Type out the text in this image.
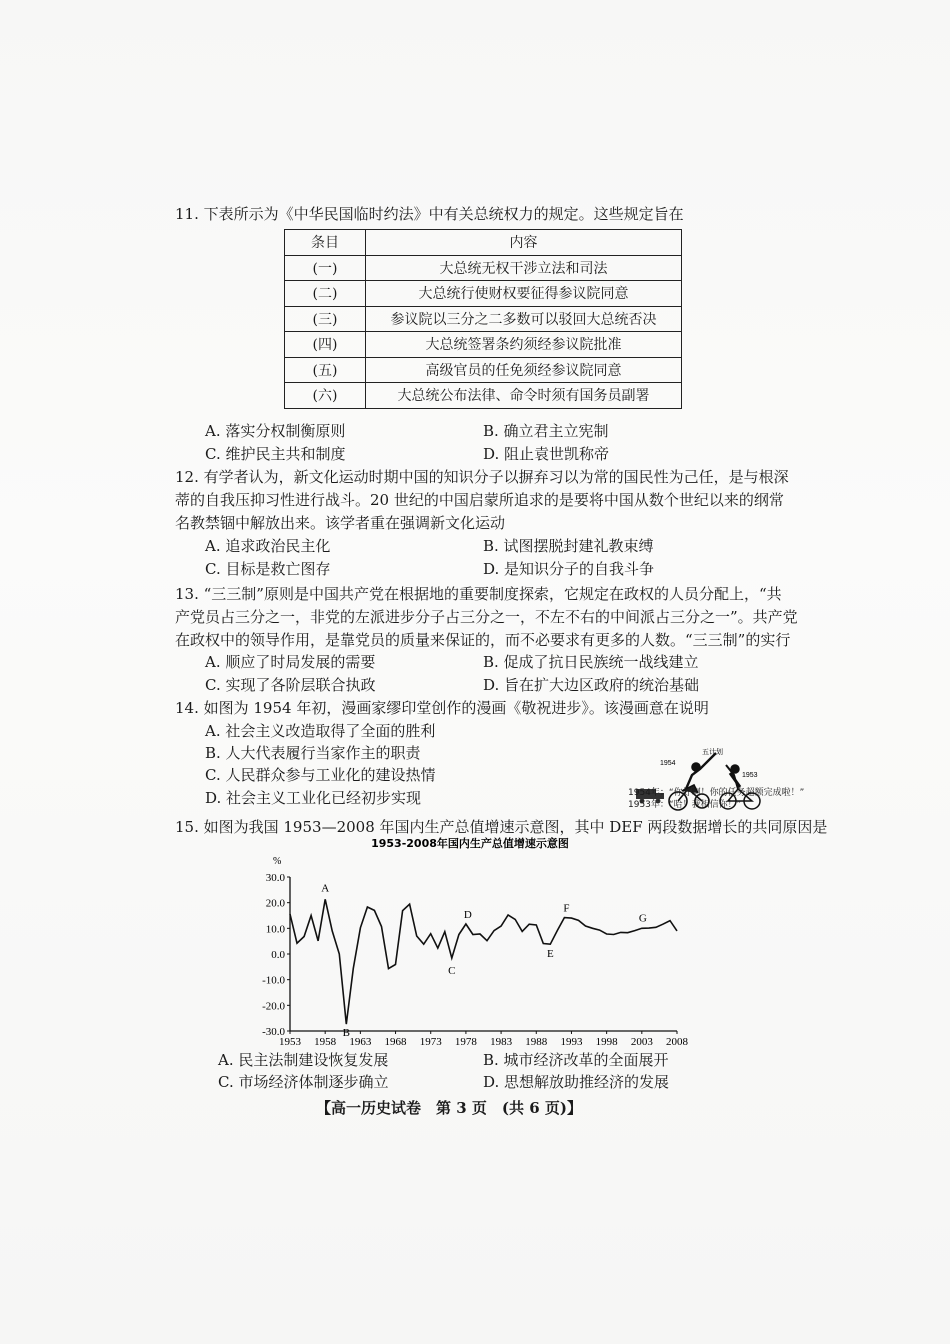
11. 下表所示为《中华民国临时约法》中有关总统权力的规定。这些规定旨在
条目	内容
(一)	大总统无权干涉立法和司法
(二)	大总统行使财权要征得参议院同意
(三)	参议院以三分之二多数可以驳回大总统否决
(四)	大总统签署条约须经参议院批准
(五)	高级官员的任免须经参议院同意
(六)	大总统公布法律、命令时须有国务员副署
A. 落实分权制衡原则	B. 确立君主立宪制
C. 维护民主共和制度	D. 阻止袁世凯称帝
12. 有学者认为，新文化运动时期中国的知识分子以摒弃习以为常的国民性为己任，是与根深
蒂的自我压抑习性进行战斗。20 世纪的中国启蒙所追求的是要将中国从数个世纪以来的纲常
名教禁锢中解放出来。该学者重在强调新文化运动
A. 追求政治民主化	B. 试图摆脱封建礼教束缚
C. 目标是救亡图存	D. 是知识分子的自我斗争
13. “三三制”原则是中国共产党在根据地的重要制度探索，它规定在政权的人员分配上，“共
产党员占三分之一，非党的左派进步分子占三分之一，不左不右的中间派占三分之一”。共产党
在政权中的领导作用，是靠党员的质量来保证的，而不必要求有更多的人数。“三三制”的实行
A. 顺应了时局发展的需要	B. 促成了抗日民族统一战线建立
C. 实现了各阶层联合执政	D. 旨在扩大边区政府的统治基础
14. 如图为 1954 年初，漫画家缪印堂创作的漫画《敬祝进步》。该漫画意在说明
A. 社会主义改造取得了全面的胜利
B. 人大代表履行当家作主的职责
C. 人民群众参与工业化的建设热情
D. 社会主义工业化已经初步实现
五计划
1954
1953
1954年：“你好啊！你的任务超额完成啦！”
1953年：“哈！我相信你！”
15. 如图为我国 1953—2008 年国内生产总值增速示意图，其中 DEF 两段数据增长的共同原因是
1953-2008年国内生产总值增速示意图
%
30.0
20.0
10.0
0.0
-10.0
-20.0
-30.0
1953 1958 1963 1968 1973 1978 1983 1988 1993 1998 2003 2008
A
B
C
D
E
F
G
A. 民主法制建设恢复发展	B. 城市经济改革的全面展开
C. 市场经济体制逐步确立	D. 思想解放助推经济的发展
【高一历史试卷　第 3 页　(共 6 页)】
